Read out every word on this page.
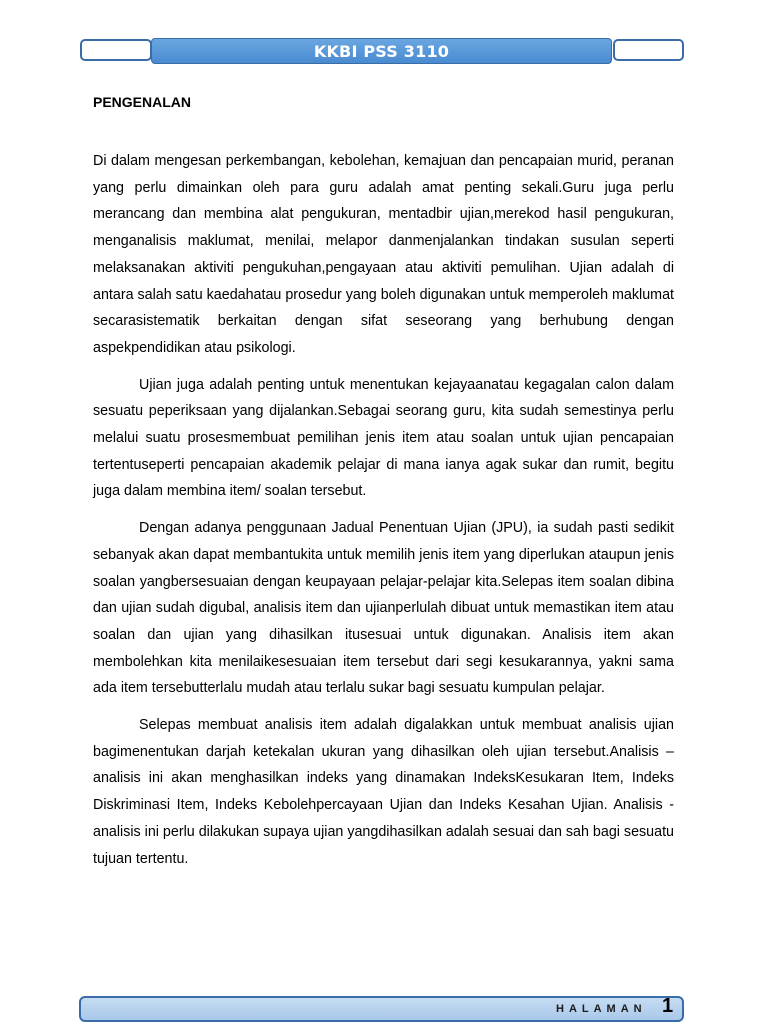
KKBI PSS 3110
PENGENALAN

Di dalam mengesan perkembangan, kebolehan, kemajuan dan pencapaian murid, peranan yang perlu dimainkan oleh para guru adalah amat penting sekali.Guru juga perlu merancang dan membina alat pengukuran, mentadbir ujian,merekod hasil pengukuran, menganalisis maklumat, menilai, melapor danmenjalankan tindakan susulan seperti melaksanakan aktiviti pengukuhan,pengayaan atau aktiviti pemulihan. Ujian adalah di antara salah satu kaedahatau prosedur yang boleh digunakan untuk memperoleh maklumat secarasistematik berkaitan dengan sifat seseorang yang berhubung dengan aspekpendidikan atau psikologi.

Ujian juga adalah penting untuk menentukan kejayaanatau kegagalan calon dalam sesuatu peperiksaan yang dijalankan.Sebagai seorang guru, kita sudah semestinya perlu melalui suatu prosesmembuat pemilihan jenis item atau soalan untuk ujian pencapaian tertentuseperti pencapaian akademik pelajar di mana ianya agak sukar dan rumit, begitu juga dalam membina item/ soalan tersebut.

Dengan adanya penggunaan Jadual Penentuan Ujian (JPU), ia sudah pasti sedikit sebanyak akan dapat membantukita untuk memilih jenis item yang diperlukan ataupun jenis soalan yangbersesuaian dengan keupayaan pelajar-pelajar kita.Selepas item soalan dibina dan ujian sudah digubal, analisis item dan ujianperlulah dibuat untuk memastikan item atau soalan dan ujian yang dihasilkan itusesuai untuk digunakan. Analisis item akan membolehkan kita menilaikesesuaian item tersebut dari segi kesukarannya, yakni sama ada item tersebutterlalu mudah atau terlalu sukar bagi sesuatu kumpulan pelajar.

Selepas membuat analisis item adalah digalakkan untuk membuat analisis ujian bagimenentukan darjah ketekalan ukuran yang dihasilkan oleh ujian tersebut.Analisis – analisis ini akan menghasilkan indeks yang dinamakan IndeksKesukaran Item, Indeks Diskriminasi Item, Indeks Kebolehpercayaan Ujian dan Indeks Kesahan Ujian. Analisis - analisis ini perlu dilakukan supaya ujian yangdihasilkan adalah sesuai dan sah bagi sesuatu tujuan tertentu.

HALAMAN 1
